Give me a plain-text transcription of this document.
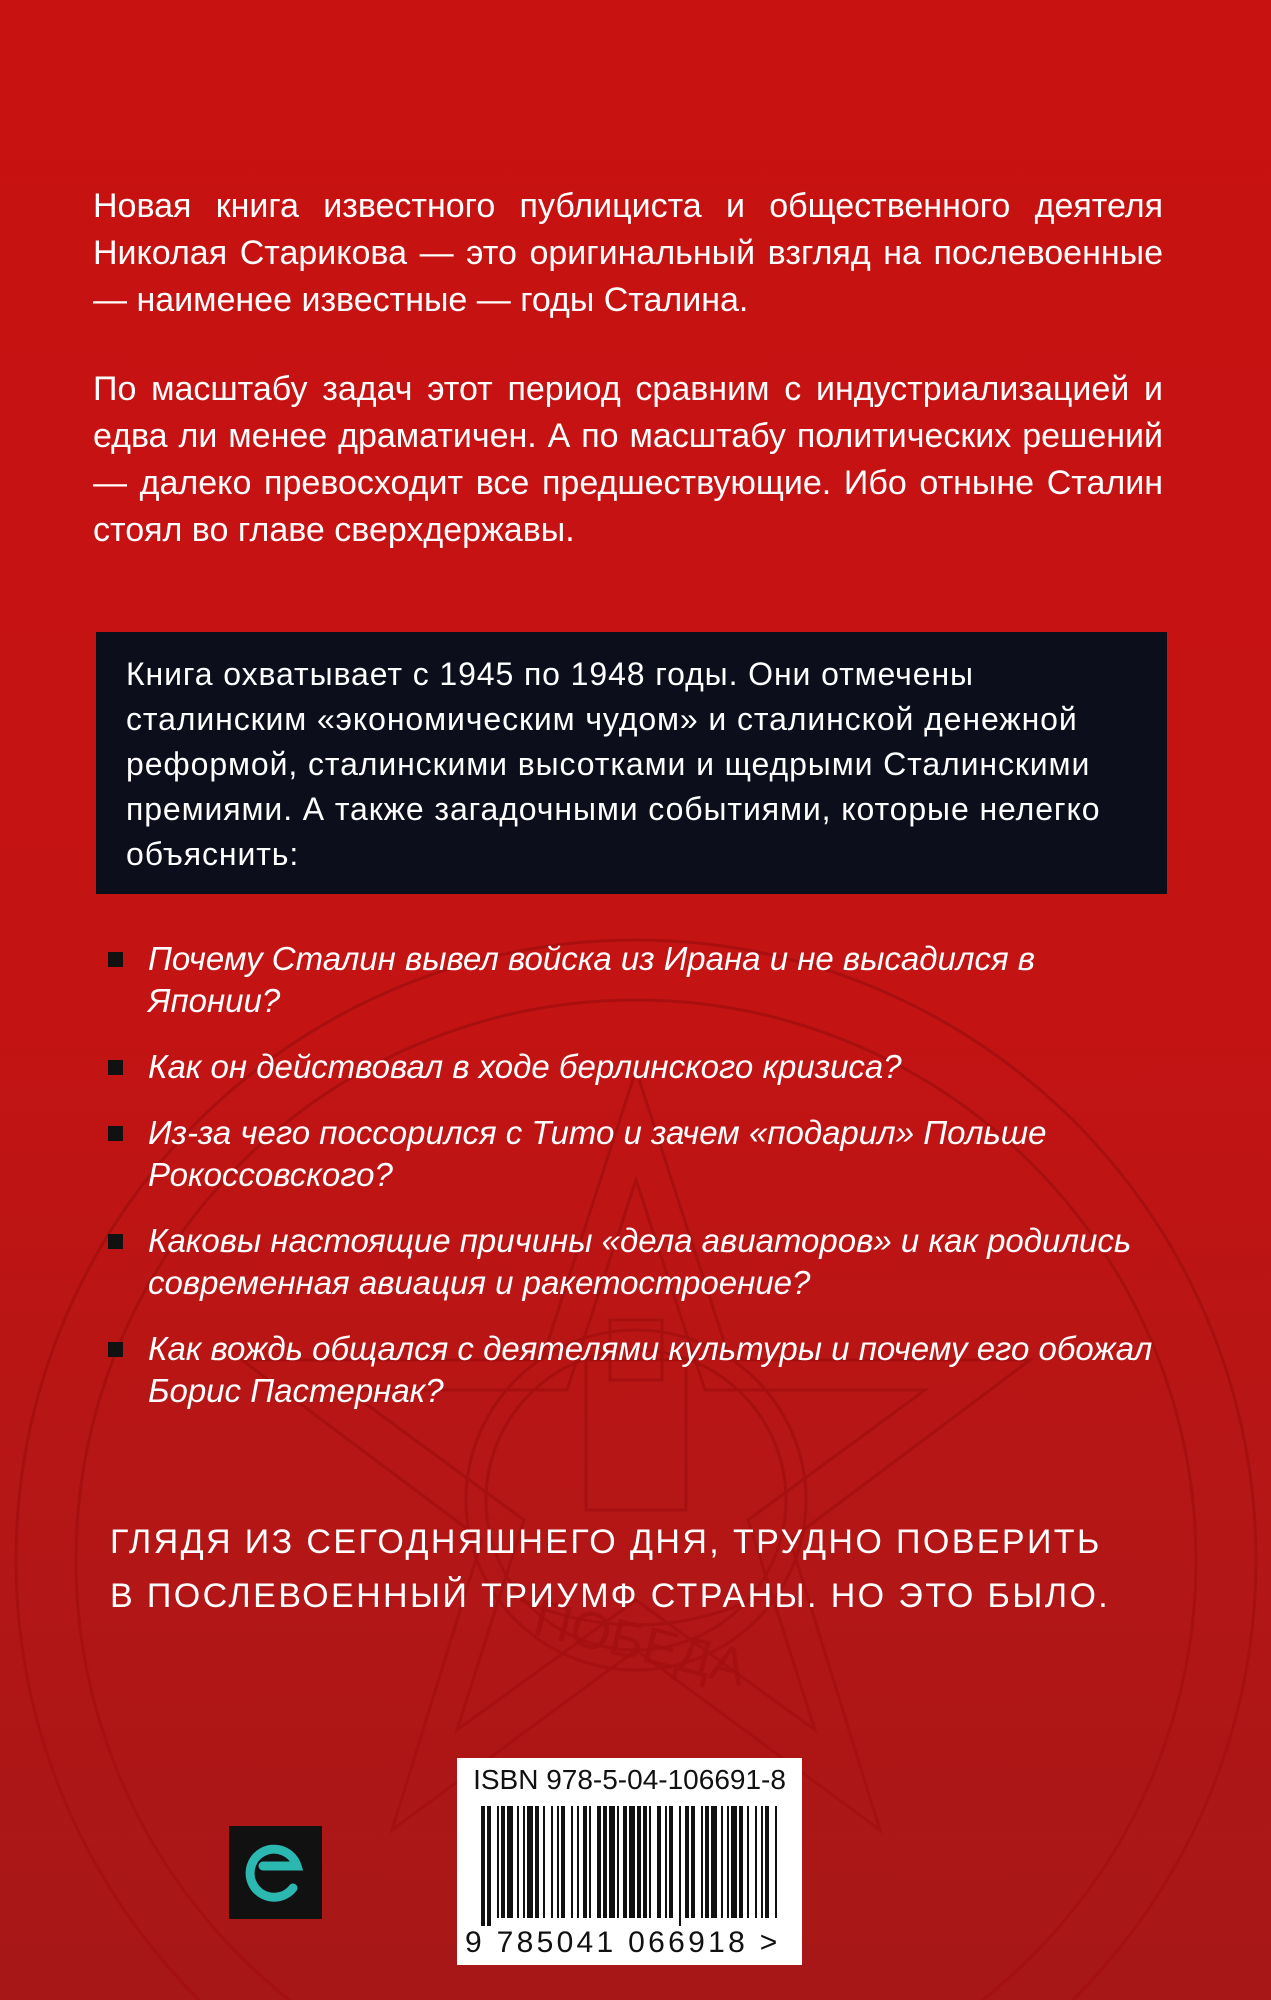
ПОБЕДА

Новая книга известного публициста и общественного деятеля Николая Старикова — это оригинальный взгляд на послевоенные — наименее известные — годы Сталина.

По масштабу задач этот период сравним с индустриализацией и едва ли менее драматичен. А по масштабу политических решений — далеко превосходит все предшествующие. Ибо отныне Сталин стоял во главе сверхдержавы.

Книга охватывает с 1945 по 1948 годы. Они отмечены сталинским «экономическим чудом» и сталинской денежной реформой, сталинскими высотками и щедрыми Сталинскими премиями. А также загадочными событиями, которые нелегко объяснить:

Почему Сталин вывел войска из Ирана и не высадился в Японии?
Как он действовал в ходе берлинского кризиса?
Из-за чего поссорился с Тито и зачем «подарил» Польше Рокоссовского?
Каковы настоящие причины «дела авиаторов» и как родились современная авиация и ракетостроение?
Как вождь общался с деятелями культуры и почему его обожал Борис Пастернак?

ГЛЯДЯ ИЗ СЕГОДНЯШНЕГО ДНЯ, ТРУДНО ПОВЕРИТЬ
В ПОСЛЕВОЕННЫЙ ТРИУМФ СТРАНЫ. НО ЭТО БЫЛО.

ISBN 978-5-04-106691-8
9 785041 066918 >
